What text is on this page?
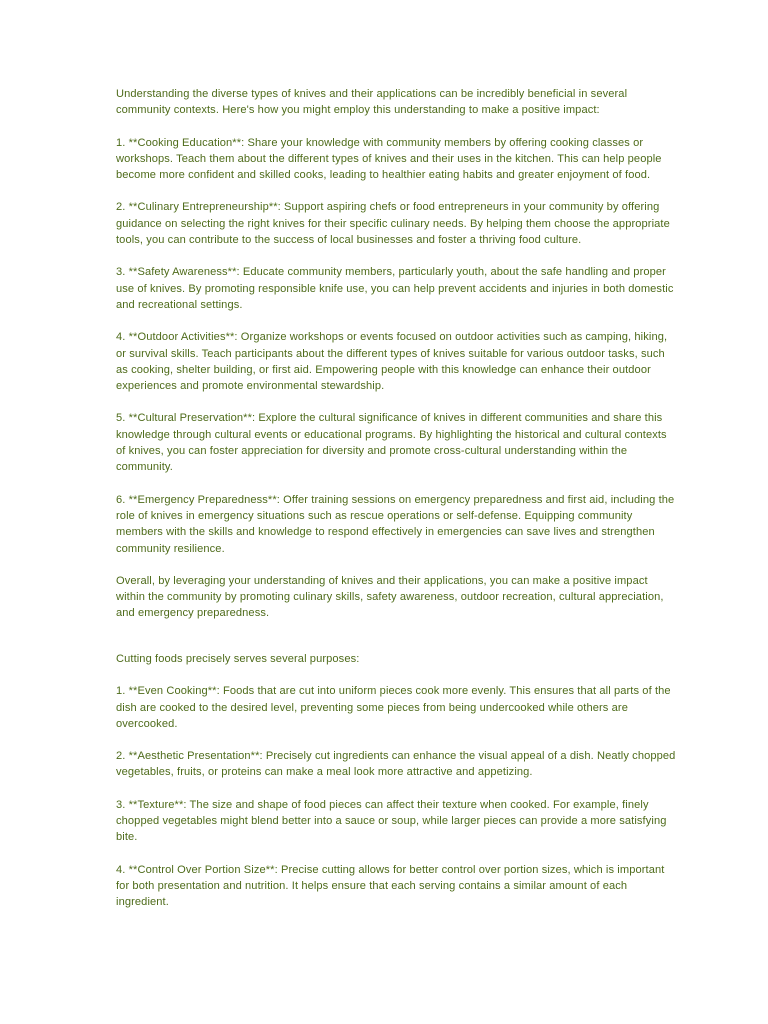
Understanding the diverse types of knives and their applications can be incredibly beneficial in several community contexts. Here's how you might employ this understanding to make a positive impact:

1. **Cooking Education**: Share your knowledge with community members by offering cooking classes or workshops. Teach them about the different types of knives and their uses in the kitchen. This can help people become more confident and skilled cooks, leading to healthier eating habits and greater enjoyment of food.

2. **Culinary Entrepreneurship**: Support aspiring chefs or food entrepreneurs in your community by offering guidance on selecting the right knives for their specific culinary needs. By helping them choose the appropriate tools, you can contribute to the success of local businesses and foster a thriving food culture.

3. **Safety Awareness**: Educate community members, particularly youth, about the safe handling and proper use of knives. By promoting responsible knife use, you can help prevent accidents and injuries in both domestic and recreational settings.

4. **Outdoor Activities**: Organize workshops or events focused on outdoor activities such as camping, hiking, or survival skills. Teach participants about the different types of knives suitable for various outdoor tasks, such as cooking, shelter building, or first aid. Empowering people with this knowledge can enhance their outdoor experiences and promote environmental stewardship.

5. **Cultural Preservation**: Explore the cultural significance of knives in different communities and share this knowledge through cultural events or educational programs. By highlighting the historical and cultural contexts of knives, you can foster appreciation for diversity and promote cross-cultural understanding within the community.

6. **Emergency Preparedness**: Offer training sessions on emergency preparedness and first aid, including the role of knives in emergency situations such as rescue operations or self-defense. Equipping community members with the skills and knowledge to respond effectively in emergencies can save lives and strengthen community resilience.

Overall, by leveraging your understanding of knives and their applications, you can make a positive impact within the community by promoting culinary skills, safety awareness, outdoor recreation, cultural appreciation, and emergency preparedness.

Cutting foods precisely serves several purposes:

1. **Even Cooking**: Foods that are cut into uniform pieces cook more evenly. This ensures that all parts of the dish are cooked to the desired level, preventing some pieces from being undercooked while others are overcooked.

2. **Aesthetic Presentation**: Precisely cut ingredients can enhance the visual appeal of a dish. Neatly chopped vegetables, fruits, or proteins can make a meal look more attractive and appetizing.

3. **Texture**: The size and shape of food pieces can affect their texture when cooked. For example, finely chopped vegetables might blend better into a sauce or soup, while larger pieces can provide a more satisfying bite.

4. **Control Over Portion Size**: Precise cutting allows for better control over portion sizes, which is important for both presentation and nutrition. It helps ensure that each serving contains a similar amount of each ingredient.
